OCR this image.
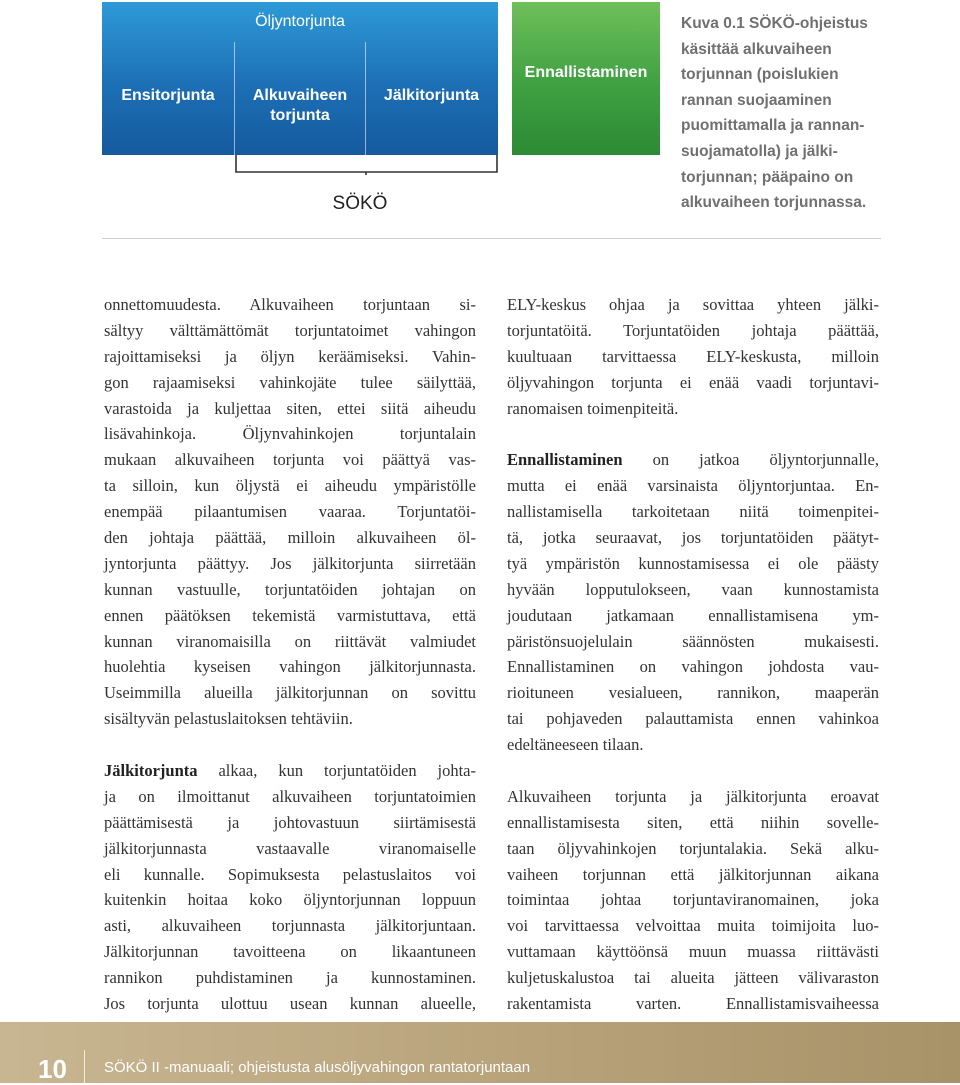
Öljyntorjunta
Ensitorjunta	Alkuvaiheen torjunta
Jälkitorjunta
Ennallistaminen
SÖKÖ
Kuva 0.1 SÖKÖ-ohjeistus
käsittää alkuvaiheen
torjunnan (poislukien
rannan suojaaminen
puomittamalla ja rannan-
suojamatolla) ja jälki-
torjunnan; pääpaino on
alkuvaiheen torjunnassa.
onnettomuudesta. Alkuvaiheen torjuntaan si-
sältyy välttämättömät torjuntatoimet vahingon
rajoittamiseksi ja öljyn keräämiseksi. Vahin-
gon rajaamiseksi vahinkojäte tulee säilyttää,
varastoida ja kuljettaa siten, ettei siitä aiheudu
lisävahinkoja. Öljynvahinkojen torjuntalain
mukaan alkuvaiheen torjunta voi päättyä vas-
ta silloin, kun öljystä ei aiheudu ympäristölle
enempää pilaantumisen vaaraa. Torjuntatöi-
den johtaja päättää, milloin alkuvaiheen öl-
jyntorjunta päättyy. Jos jälkitorjunta siirretään
kunnan vastuulle, torjuntatöiden johtajan on
ennen päätöksen tekemistä varmistuttava, että
kunnan viranomaisilla on riittävät valmiudet
huolehtia kyseisen vahingon jälkitorjunnasta.
Useimmilla alueilla jälkitorjunnan on sovittu
sisältyvän pelastuslaitoksen tehtäviin.
Jälkitorjunta alkaa, kun torjuntatöiden johta-
ja on ilmoittanut alkuvaiheen torjuntatoimien
päättämisestä ja johtovastuun siirtämisestä
jälkitorjunnasta vastaavalle viranomaiselle
eli kunnalle. Sopimuksesta pelastuslaitos voi
kuitenkin hoitaa koko öljyntorjunnan loppuun
asti, alkuvaiheen torjunnasta jälkitorjuntaan.
Jälkitorjunnan tavoitteena on likaantuneen
rannikon puhdistaminen ja kunnostaminen.
Jos torjunta ulottuu usean kunnan alueelle,
ELY-keskus ohjaa ja sovittaa yhteen jälki-
torjuntatöitä. Torjuntatöiden johtaja päättää,
kuultuaan tarvittaessa ELY-keskusta, milloin
öljyvahingon torjunta ei enää vaadi torjuntavi-
ranomaisen toimenpiteitä.
Ennallistaminen on jatkoa öljyntorjunnalle,
mutta ei enää varsinaista öljyntorjuntaa. En-
nallistamisella tarkoitetaan niitä toimenpitei-
tä, jotka seuraavat, jos torjuntatöiden päätyt-
tyä ympäristön kunnostamisessa ei ole päästy
hyvään lopputulokseen, vaan kunnostamista
joudutaan jatkamaan ennallistamisena ym-
päristönsuojelulain säännösten mukaisesti.
Ennallistaminen on vahingon johdosta vau-
rioituneen vesialueen, rannikon, maaperän
tai pohjaveden palauttamista ennen vahinkoa
edeltäneeseen tilaan.
Alkuvaiheen torjunta ja jälkitorjunta eroavat
ennallistamisesta siten, että niihin sovelle-
taan öljyvahinkojen torjuntalakia. Sekä alku-
vaiheen torjunnan että jälkitorjunnan aikana
toimintaa johtaa torjuntaviranomainen, joka
voi tarvittaessa velvoittaa muita toimijoita luo-
vuttamaan käyttöönsä muun muassa riittävästi
kuljetuskalustoa tai alueita jätteen välivaraston
rakentamista varten. Ennallistamisvaiheessa
10 SÖKÖ II -manuaali; ohjeistusta alusöljyvahingon rantatorjuntaan
